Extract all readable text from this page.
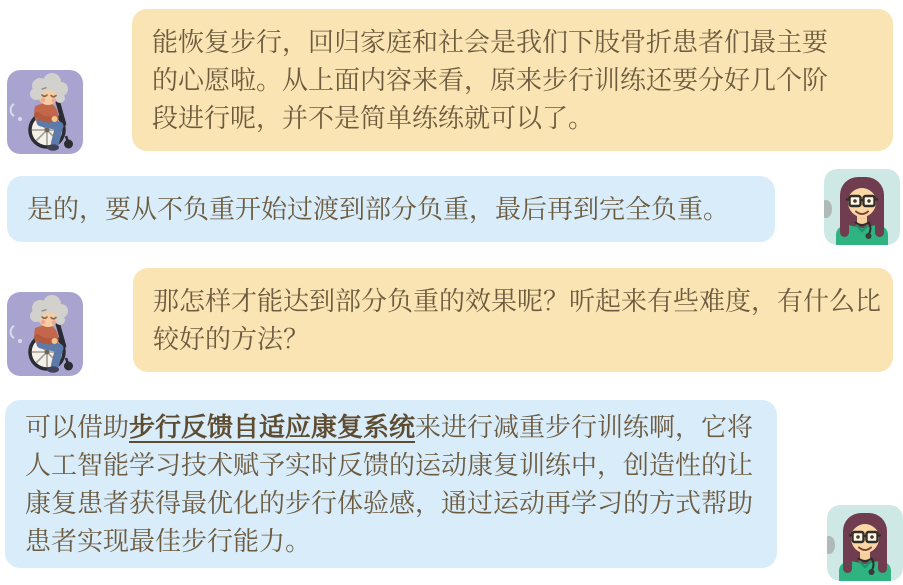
能恢复步行，回归家庭和社会是我们下肢骨折患者们最主要
的心愿啦。从上面内容来看，原来步行训练还要分好几个阶
段进行呢，并不是简单练练就可以了。
是的，要从不负重开始过渡到部分负重，最后再到完全负重。
那怎样才能达到部分负重的效果呢？听起来有些难度，有什么比
较好的方法？
可以借助步行反馈自适应康复系统来进行减重步行训练啊，它将
人工智能学习技术赋予实时反馈的运动康复训练中，创造性的让
康复患者获得最优化的步行体验感，通过运动再学习的方式帮助
患者实现最佳步行能力。
